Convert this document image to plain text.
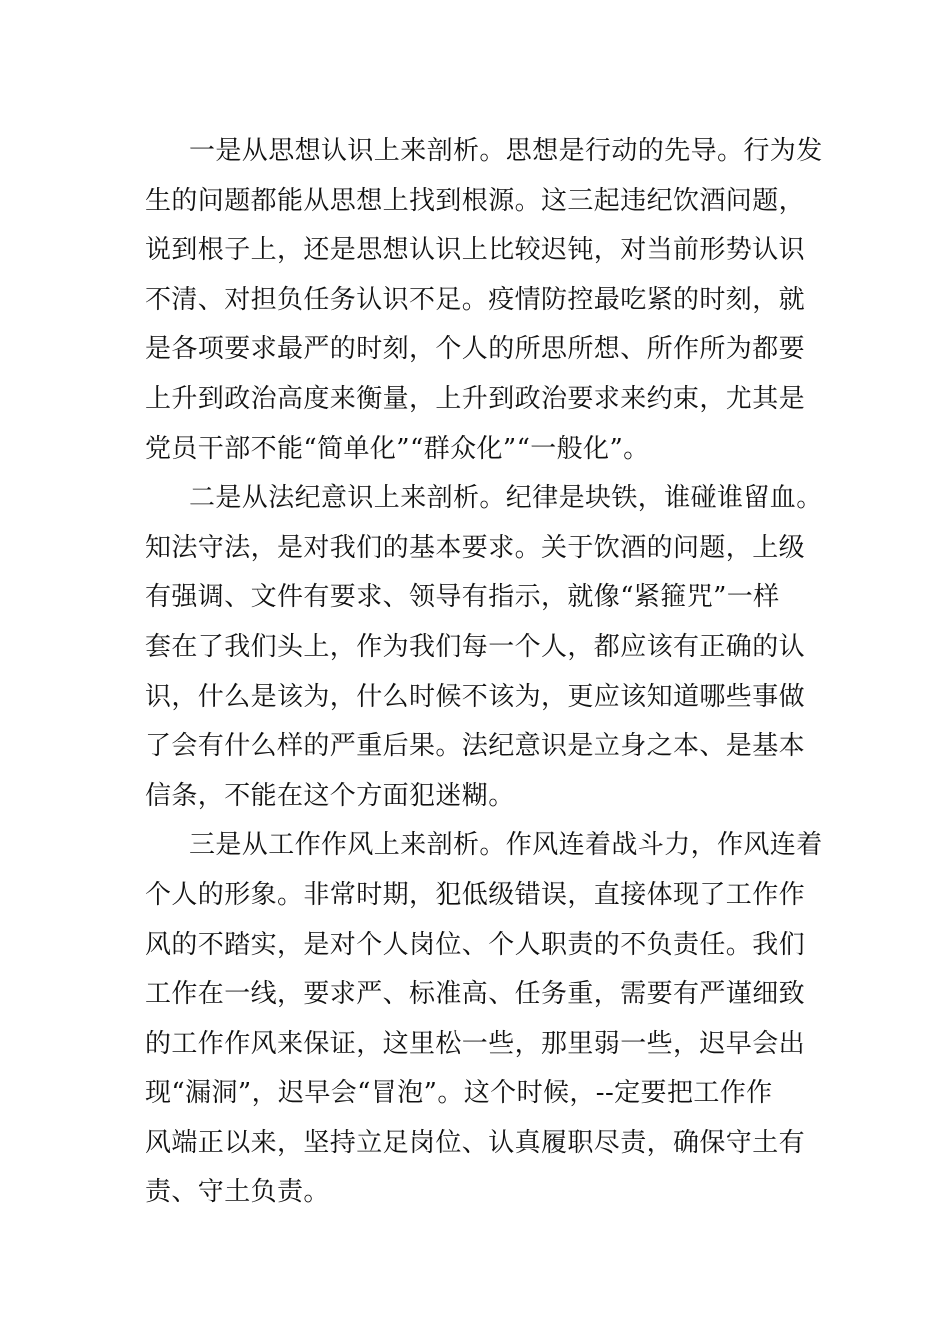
一是从思想认识上来剖析。思想是行动的先导。行为发
生的问题都能从思想上找到根源。这三起违纪饮酒问题，
说到根子上，还是思想认识上比较迟钝，对当前形势认识
不清、对担负任务认识不足。疫情防控最吃紧的时刻，就
是各项要求最严的时刻，个人的所思所想、所作所为都要
上升到政治高度来衡量，上升到政治要求来约束，尤其是
党员干部不能“简单化”“群众化”“一般化”。
二是从法纪意识上来剖析。纪律是块铁，谁碰谁留血。
知法守法，是对我们的基本要求。关于饮酒的问题，上级
有强调、文件有要求、领导有指示，就像“紧箍咒”一样
套在了我们头上，作为我们每一个人，都应该有正确的认
识，什么是该为，什么时候不该为，更应该知道哪些事做
了会有什么样的严重后果。法纪意识是立身之本、是基本
信条，不能在这个方面犯迷糊。
三是从工作作风上来剖析。作风连着战斗力，作风连着
个人的形象。非常时期，犯低级错误，直接体现了工作作
风的不踏实，是对个人岗位、个人职责的不负责任。我们
工作在一线，要求严、标准高、任务重，需要有严谨细致
的工作作风来保证，这里松一些，那里弱一些，迟早会出
现“漏洞”，迟早会“冒泡”。这个时候，--定要把工作作
风端正以来，坚持立足岗位、认真履职尽责，确保守土有
责、守土负责。
